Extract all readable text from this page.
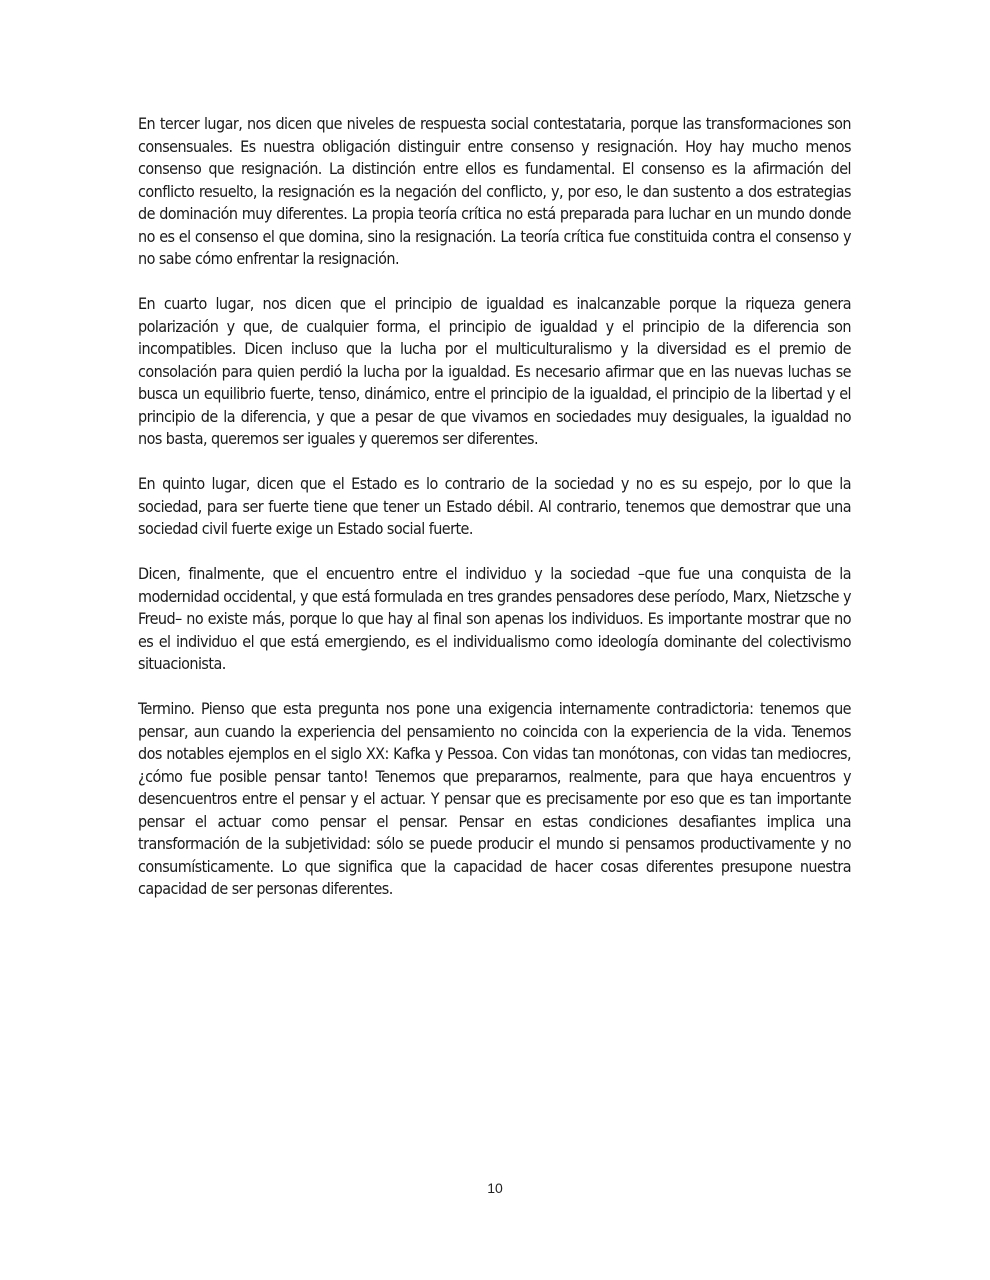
En tercer lugar, nos dicen que niveles de respuesta social contestataria, porque las transformaciones son consensuales. Es nuestra obligación distinguir entre consenso y resignación. Hoy hay mucho menos consenso que resignación. La distinción entre ellos es fundamental. El consenso es la afirmación del conflicto resuelto, la resignación es la negación del conflicto, y, por eso, le dan sustento a dos estrategias de dominación muy diferentes. La propia teoría crítica no está preparada para luchar en un mundo donde no es el consenso el que domina, sino la resignación. La teoría crítica fue constituida contra el consenso y no sabe cómo enfrentar la resignación.

En cuarto lugar, nos dicen que el principio de igualdad es inalcanzable porque la riqueza genera polarización y que, de cualquier forma, el principio de igualdad y el principio de la diferencia son incompatibles. Dicen incluso que la lucha por el multiculturalismo y la diversidad es el premio de consolación para quien perdió la lucha por la igualdad. Es necesario afirmar que en las nuevas luchas se busca un equilibrio fuerte, tenso, dinámico, entre el principio de la igualdad, el principio de la libertad y el principio de la diferencia, y que a pesar de que vivamos en sociedades muy desiguales, la igualdad no nos basta, queremos ser iguales y queremos ser diferentes.

En quinto lugar, dicen que el Estado es lo contrario de la sociedad y no es su espejo, por lo que la sociedad, para ser fuerte tiene que tener un Estado débil. Al contrario, tenemos que demostrar que una sociedad civil fuerte exige un Estado social fuerte.

Dicen, finalmente, que el encuentro entre el individuo y la sociedad –que fue una conquista de la modernidad occidental, y que está formulada en tres grandes pensadores dese período, Marx, Nietzsche y Freud– no existe más, porque lo que hay al final son apenas los individuos. Es importante mostrar que no es el individuo el que está emergiendo, es el individualismo como ideología dominante del colectivismo situacionista.

Termino. Pienso que esta pregunta nos pone una exigencia internamente contradictoria: tenemos que pensar, aun cuando la experiencia del pensamiento no coincida con la experiencia de la vida. Tenemos dos notables ejemplos en el siglo XX: Kafka y Pessoa. Con vidas tan monótonas, con vidas tan mediocres, ¿cómo fue posible pensar tanto! Tenemos que prepararnos, realmente, para que haya encuentros y desencuentros entre el pensar y el actuar. Y pensar que es precisamente por eso que es tan importante pensar el actuar como pensar el pensar. Pensar en estas condiciones desafiantes implica una transformación de la subjetividad: sólo se puede producir el mundo si pensamos productivamente y no consumísticamente. Lo que significa que la capacidad de hacer cosas diferentes presupone nuestra capacidad de ser personas diferentes.

10
